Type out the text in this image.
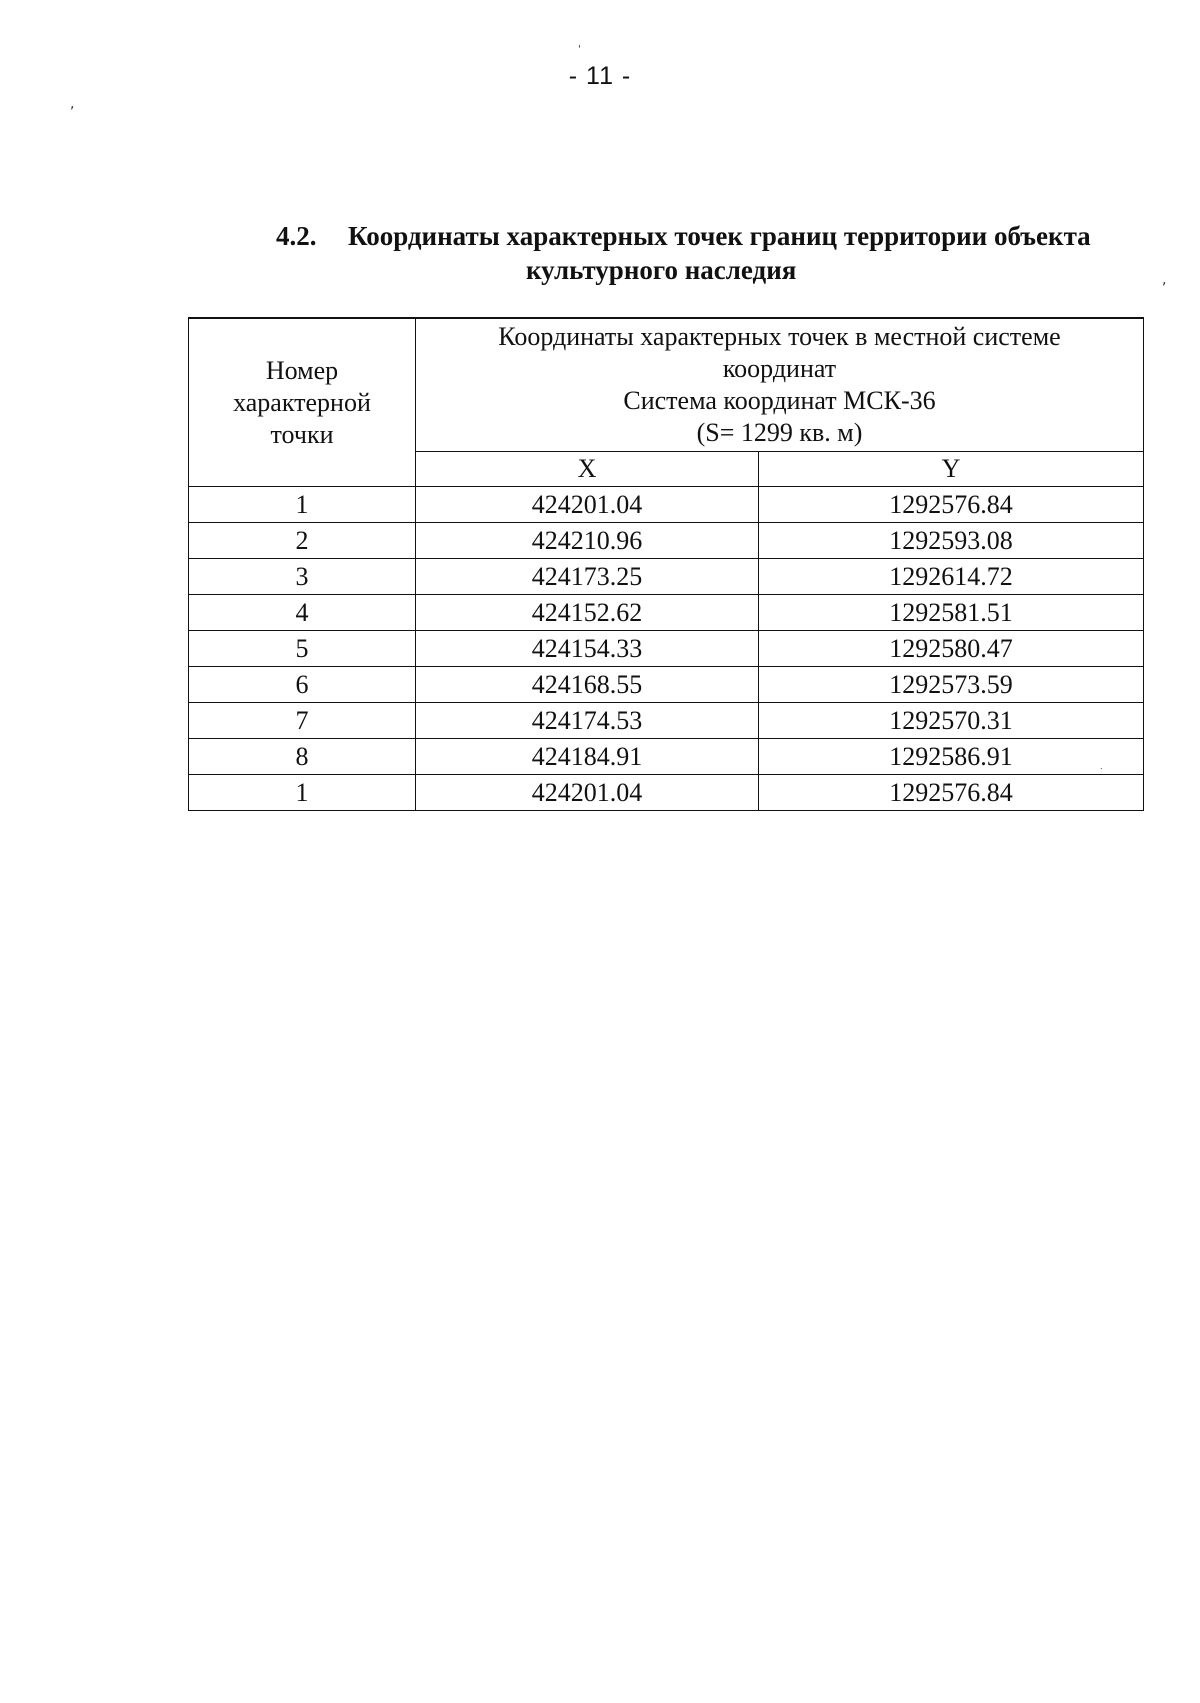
'
,
,
.
- 11 -
4.2. Координаты характерных точек границ территории объекта
культурного наследия
Номер
характерной
точки	Координаты характерных точек в местной системе
координат
Система координат МСК-36
(S= 1299 кв. м)	

	X	Y
1	424201.04	1292576.84
2	424210.96	1292593.08
3	424173.25	1292614.72
4	424152.62	1292581.51
5	424154.33	1292580.47
6	424168.55	1292573.59
7	424174.53	1292570.31
8	424184.91	1292586.91
1	424201.04	1292576.84
